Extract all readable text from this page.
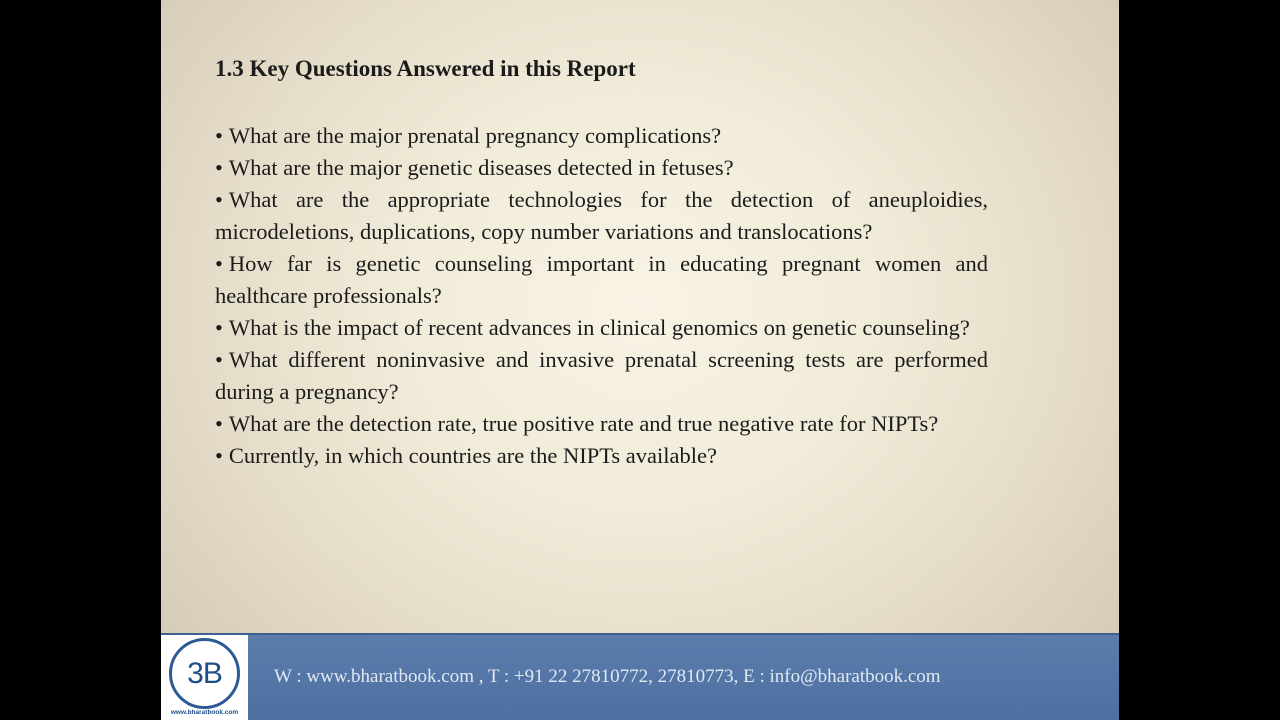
1.3 Key Questions Answered in this Report
• What are the major prenatal pregnancy complications?
• What are the major genetic diseases detected in fetuses?
• What are the appropriate technologies for the detection of aneuploidies, microdeletions, duplications, copy number variations and translocations?
• How far is genetic counseling important in educating pregnant women and healthcare professionals?
• What is the impact of recent advances in clinical genomics on genetic counseling?
• What different noninvasive and invasive prenatal screening tests are performed during a pregnancy?
• What are the detection rate, true positive rate and true negative rate for NIPTs?
• Currently, in which countries are the NIPTs available?
3B
www.bharatbook.com
W : www.bharatbook.com , T : +91 22 27810772, 27810773, E : info@bharatbook.com
